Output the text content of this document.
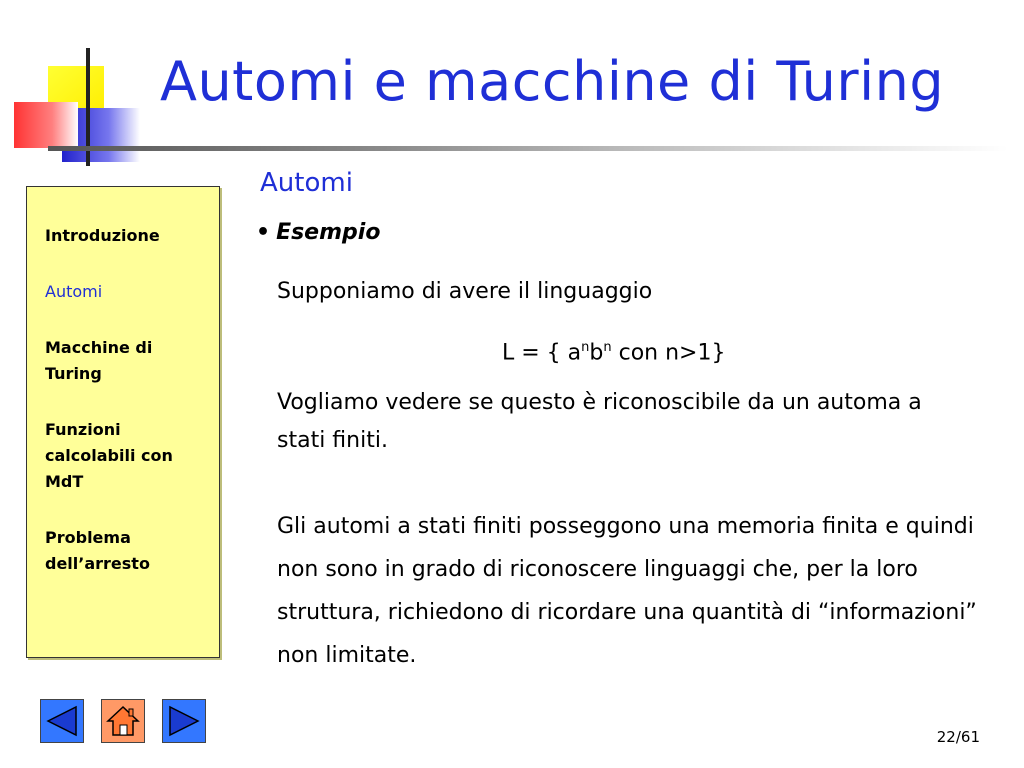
Automi e macchine di Turing
Introduzione
Automi
Macchine di Turing
Funzioni calcolabili con MdT
Problema dell’arresto
Automi
• Esempio
Supponiamo di avere il linguaggio
L = { $a^nb^n$ con n>1}
Vogliamo vedere se questo è riconoscibile da un automa a stati finiti.
Gli automi a stati finiti posseggono una memoria finita e quindi non sono in grado di riconoscere linguaggi che, per la loro struttura, richiedono di ricordare una quantità di “informazioni” non limitate.
22/61
